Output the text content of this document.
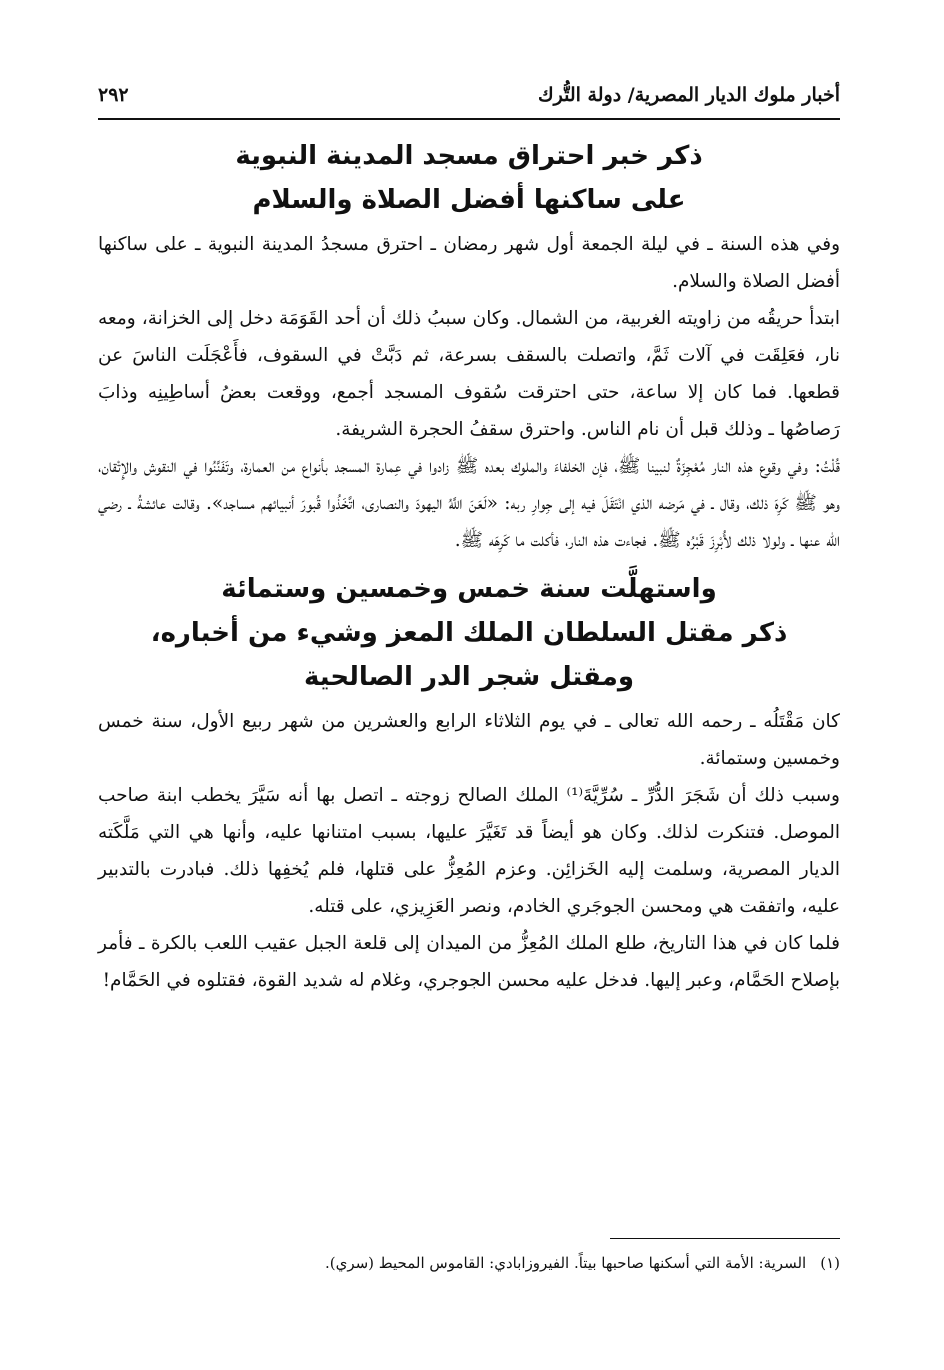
أخبار ملوك الديار المصرية/ دولة التُّرك
٢٩٢
ذكر خبر احتراق مسجد المدينة النبوية
على ساكنها أفضل الصلاة والسلام

وفي هذه السنة ـ في ليلة الجمعة أول شهر رمضان ـ احترق مسجدُ المدينة النبوية ـ على ساكنها أفضل الصلاة والسلام.

ابتدأ حريقُه من زاويته الغربية، من الشمال. وكان سببُ ذلك أن أحد القَوَمَة دخل إلى الخزانة، ومعه نار، فعَلِقَت في آلات ثَمَّ، واتصلت بالسقف بسرعة، ثم دَبَّتْ في السقوف، فأَعْجَلَت الناسَ عن قطعها. فما كان إلا ساعة، حتى احترقت سُقوف المسجد أجمع، ووقعت بعضُ أساطِينِه وذابَ رَصاصُها ـ وذلك قبل أن نام الناس. واحترق سقفُ الحجرة الشريفة.

قُلْتُ: وفي وقوع هذه النار مُعْجِزَةٌ لنبينا ﷺ، فإن الخلفاءَ والملوك بعده ﷺ زادوا في عِمارة المسجد بأنواع من العمارة، وتَفَنَّنُوا في النقوش والإِتْقان، وهو ﷺ كَرِهَ ذلك، وقال ـ في مَرضه الذي انْتَقَلَ فيه إلى جِوارِ ربه: «لَعَنَ اللَّهُ اليهودَ والنصارى، اتَّخَذُوا قُبورَ أنبيائهم مساجد». وقالت عائشةُ ـ رضي الله عنها ـ ولولا ذلك لأُبْرِزَ قَبْرُه ﷺ. فجاءت هذه النار، فأكلت ما كَرِهَه ﷺ.

واستهلَّت سنة خمس وخمسين وستمائة
ذكر مقتل السلطان الملك المعز وشيء من أخباره،
ومقتل شجر الدر الصالحية

كان مَقْتَلُه ـ رحمه الله تعالى ـ في يوم الثلاثاء الرابع والعشرين من شهر ربيع الأول، سنة خمس وخمسين وستمائة.

وسبب ذلك أن شَجَرَ الدُّرِّ ـ سُرِّيَّةَ⁽¹⁾ الملك الصالح زوجته ـ اتصل بها أنه سَيَّرَ يخطب ابنة صاحب الموصل. فتنكرت لذلك. وكان هو أيضاً قد تَغَيَّرَ عليها، بسبب امتنانها عليه، وأنها هي التي مَلَّكَته الديار المصرية، وسلمت إليه الخَزائِن. وعزم المُعِزُّ على قتلها، فلم يُخفِها ذلك. فبادرت بالتدبير عليه، واتفقت هي ومحسن الجوجَري الخادم، ونصر العَزِيزي، على قتله.

فلما كان في هذا التاريخ، طلع الملك المُعِزُّ من الميدان إلى قلعة الجبل عقيب اللعب بالكرة ـ فأمر بإصلاح الحَمَّام، وعبر إليها. فدخل عليه محسن الجوجري، وغلام له شديد القوة، فقتلوه في الحَمَّام!

(١)
السرية: الأمة التي أسكنها صاحبها بيتاً. الفيروزابادي: القاموس المحيط (سري).
